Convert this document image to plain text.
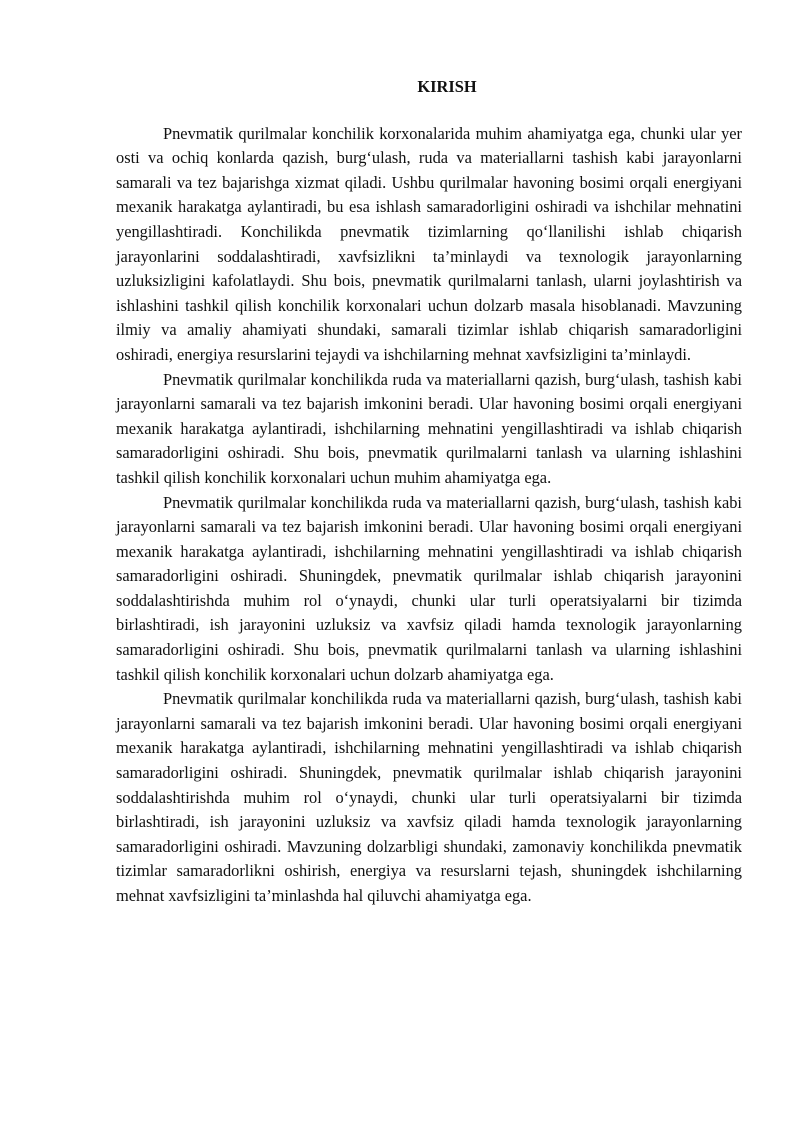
KIRISH

Pnevmatik qurilmalar konchilik korxonalarida muhim ahamiyatga ega, chunki ular yer osti va ochiq konlarda qazish, burg‘ulash, ruda va materiallarni tashish kabi jarayonlarni samarali va tez bajarishga xizmat qiladi. Ushbu qurilmalar havoning bosimi orqali energiyani mexanik harakatga aylantiradi, bu esa ishlash samaradorligini oshiradi va ishchilar mehnatini yengillashtiradi. Konchilikda pnevmatik tizimlarning qo‘llanilishi ishlab chiqarish jarayonlarini soddalashtiradi, xavfsizlikni ta’minlaydi va texnologik jarayonlarning uzluksizligini kafolatlaydi. Shu bois, pnevmatik qurilmalarni tanlash, ularni joylashtirish va ishlashini tashkil qilish konchilik korxonalari uchun dolzarb masala hisoblanadi. Mavzuning ilmiy va amaliy ahamiyati shundaki, samarali tizimlar ishlab chiqarish samaradorligini oshiradi, energiya resurslarini tejaydi va ishchilarning mehnat xavfsizligini ta’minlaydi.

Pnevmatik qurilmalar konchilikda ruda va materiallarni qazish, burg‘ulash, tashish kabi jarayonlarni samarali va tez bajarish imkonini beradi. Ular havoning bosimi orqali energiyani mexanik harakatga aylantiradi, ishchilarning mehnatini yengillashtiradi va ishlab chiqarish samaradorligini oshiradi. Shu bois, pnevmatik qurilmalarni tanlash va ularning ishlashini tashkil qilish konchilik korxonalari uchun muhim ahamiyatga ega.

Pnevmatik qurilmalar konchilikda ruda va materiallarni qazish, burg‘ulash, tashish kabi jarayonlarni samarali va tez bajarish imkonini beradi. Ular havoning bosimi orqali energiyani mexanik harakatga aylantiradi, ishchilarning mehnatini yengillashtiradi va ishlab chiqarish samaradorligini oshiradi. Shuningdek, pnevmatik qurilmalar ishlab chiqarish jarayonini soddalashtirishda muhim rol o‘ynaydi, chunki ular turli operatsiyalarni bir tizimda birlashtiradi, ish jarayonini uzluksiz va xavfsiz qiladi hamda texnologik jarayonlarning samaradorligini oshiradi. Shu bois, pnevmatik qurilmalarni tanlash va ularning ishlashini tashkil qilish konchilik korxonalari uchun dolzarb ahamiyatga ega.

Pnevmatik qurilmalar konchilikda ruda va materiallarni qazish, burg‘ulash, tashish kabi jarayonlarni samarali va tez bajarish imkonini beradi. Ular havoning bosimi orqali energiyani mexanik harakatga aylantiradi, ishchilarning mehnatini yengillashtiradi va ishlab chiqarish samaradorligini oshiradi. Shuningdek, pnevmatik qurilmalar ishlab chiqarish jarayonini soddalashtirishda muhim rol o‘ynaydi, chunki ular turli operatsiyalarni bir tizimda birlashtiradi, ish jarayonini uzluksiz va xavfsiz qiladi hamda texnologik jarayonlarning samaradorligini oshiradi. Mavzuning dolzarbligi shundaki, zamonaviy konchilikda pnevmatik tizimlar samaradorlikni oshirish, energiya va resurslarni tejash, shuningdek ishchilarning mehnat xavfsizligini ta’minlashda hal qiluvchi ahamiyatga ega.
